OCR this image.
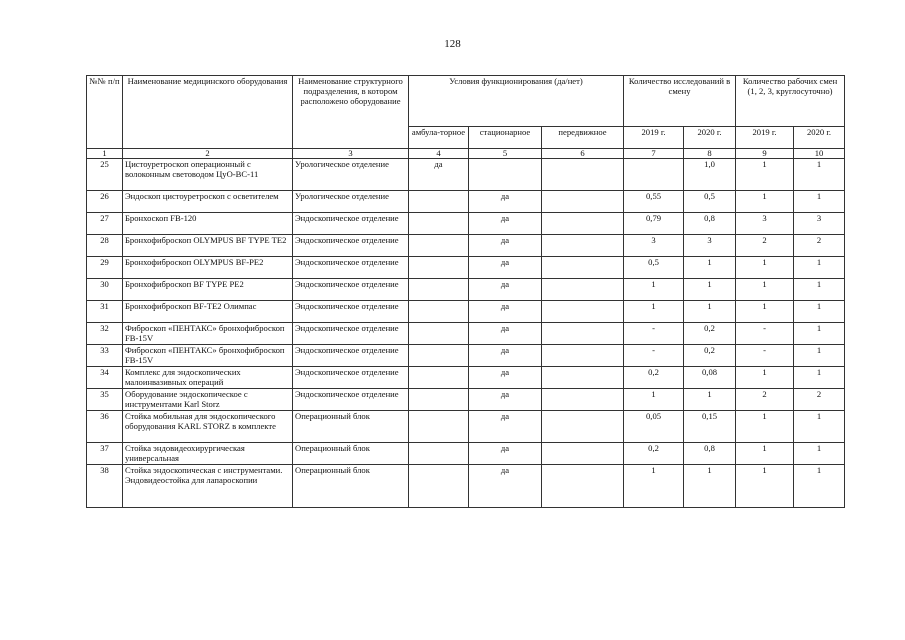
128
№№ п/п	Наименование медицинского оборудования	Наименование структурного подразделения, в котором расположено оборудование	Условия функционирования (да/нет)			Количество исследований в смену		Количество рабочих смен (1, 2, 3, круглосуточно)	
			амбула-торное	стационарное	передвижное	2019 г.	2020 г.	2019 г.	2020 г.
1	2	3	4	5	6	7	8	9	10
25	Цистоуретроскоп операционный с волоконным световодом ЦуО-ВС-11	Урологическое отделение	да				1,0	1	1
26	Эндоскоп цистоуретроскоп с осветителем	Урологическое отделение		да		0,55	0,5	1	1
27	Бронхоскоп FB-120	Эндоскопическое отделение		да		0,79	0,8	3	3
28	Бронхофиброскоп OLYMPUS BF TYPE TE2	Эндоскопическое отделение		да		3	3	2	2
29	Бронхофиброскоп OLYMPUS BF-PE2	Эндоскопическое отделение		да		0,5	1	1	1
30	Бронхофиброскоп BF TYPE PE2	Эндоскопическое отделение		да		1	1	1	1
31	Бронхофиброскоп BF-TE2 Олимпас	Эндоскопическое отделение		да		1	1	1	1
32	Фиброскоп «ПЕНТАКС» бронхофиброскоп FB-15V	Эндоскопическое отделение		да		-	0,2	-	1
33	Фиброскоп «ПЕНТАКС» бронхофиброскоп FB-15V	Эндоскопическое отделение		да		-	0,2	-	1
34	Комплекс для эндоскопических малоинвазивных операций	Эндоскопическое отделение		да		0,2	0,08	1	1
35	Оборудование эндоскопическое с инструментами Karl Storz	Эндоскопическое отделение		да		1	1	2	2
36	Стойка мобильная для эндоскопического оборудования KARL STORZ в комплекте	Операционный блок		да		0,05	0,15	1	1
37	Стойка эндовидеохирургическая универсальная	Операционный блок		да		0,2	0,8	1	1
38	Стойка эндоскопическая с инструментами. Эндовидеостойка для лапароскопии	Операционный блок		да		1	1	1	1
